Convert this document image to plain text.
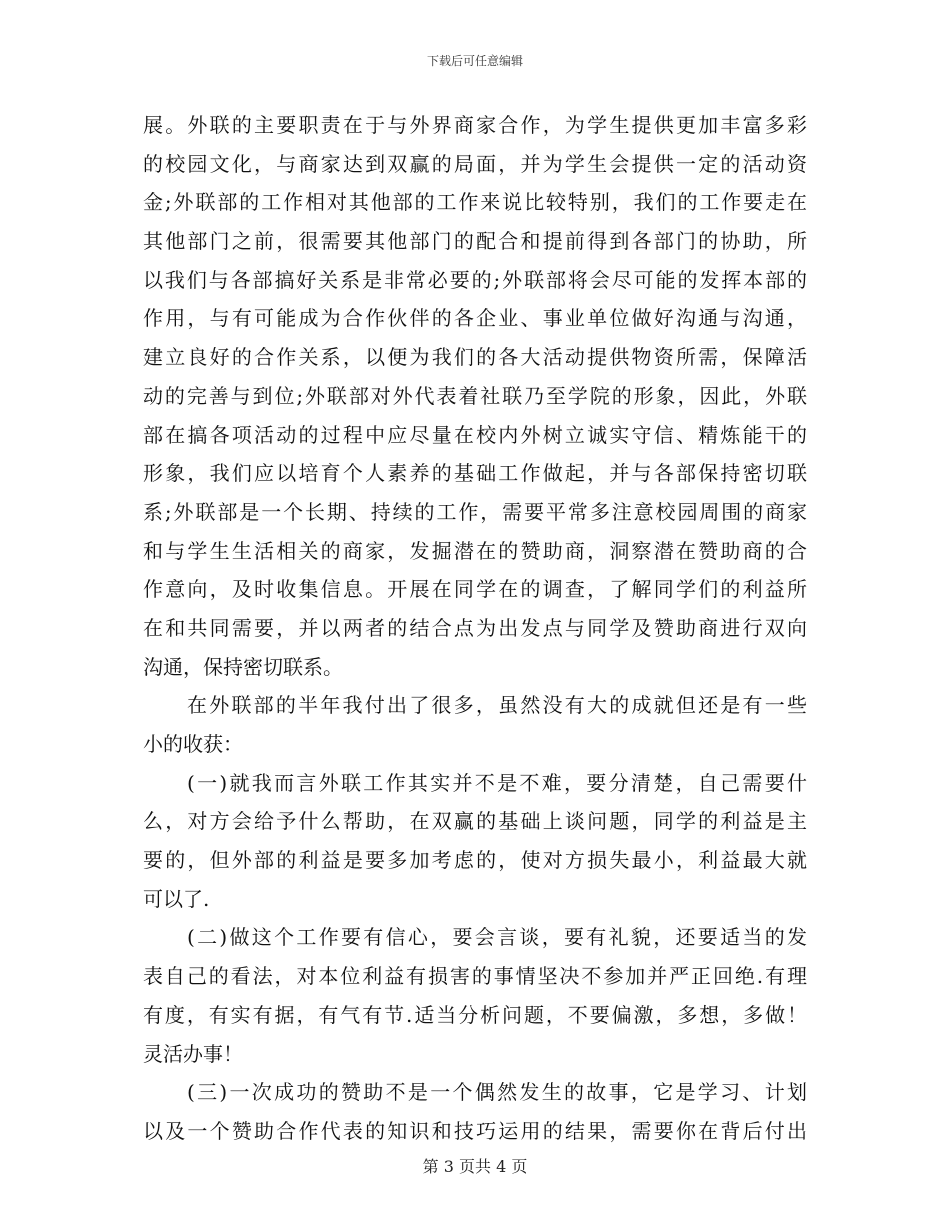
下载后可任意编辑
展。外联的主要职责在于与外界商家合作，为学生提供更加丰富多彩
的校园文化，与商家达到双赢的局面，并为学生会提供一定的活动资
金;外联部的工作相对其他部的工作来说比较特别，我们的工作要走在
其他部门之前，很需要其他部门的配合和提前得到各部门的协助，所
以我们与各部搞好关系是非常必要的;外联部将会尽可能的发挥本部的
作用，与有可能成为合作伙伴的各企业、事业单位做好沟通与沟通，
建立良好的合作关系，以便为我们的各大活动提供物资所需，保障活
动的完善与到位;外联部对外代表着社联乃至学院的形象，因此，外联
部在搞各项活动的过程中应尽量在校内外树立诚实守信、精炼能干的
形象，我们应以培育个人素养的基础工作做起，并与各部保持密切联
系;外联部是一个长期、持续的工作，需要平常多注意校园周围的商家
和与学生生活相关的商家，发掘潜在的赞助商，洞察潜在赞助商的合
作意向，及时收集信息。开展在同学在的调查，了解同学们的利益所
在和共同需要，并以两者的结合点为出发点与同学及赞助商进行双向
沟通，保持密切联系。
在外联部的半年我付出了很多，虽然没有大的成就但还是有一些
小的收获：
(一)就我而言外联工作其实并不是不难，要分清楚，自己需要什
么，对方会给予什么帮助，在双赢的基础上谈问题，同学的利益是主
要的，但外部的利益是要多加考虑的，使对方损失最小，利益最大就
可以了.
(二)做这个工作要有信心，要会言谈，要有礼貌，还要适当的发
表自己的看法，对本位利益有损害的事情坚决不参加并严正回绝.有理
有度，有实有据，有气有节.适当分析问题，不要偏激，多想，多做！
灵活办事！
(三)一次成功的赞助不是一个偶然发生的故事，它是学习、计划
以及一个赞助合作代表的知识和技巧运用的结果，需要你在背后付出
第 3 页共 4 页
